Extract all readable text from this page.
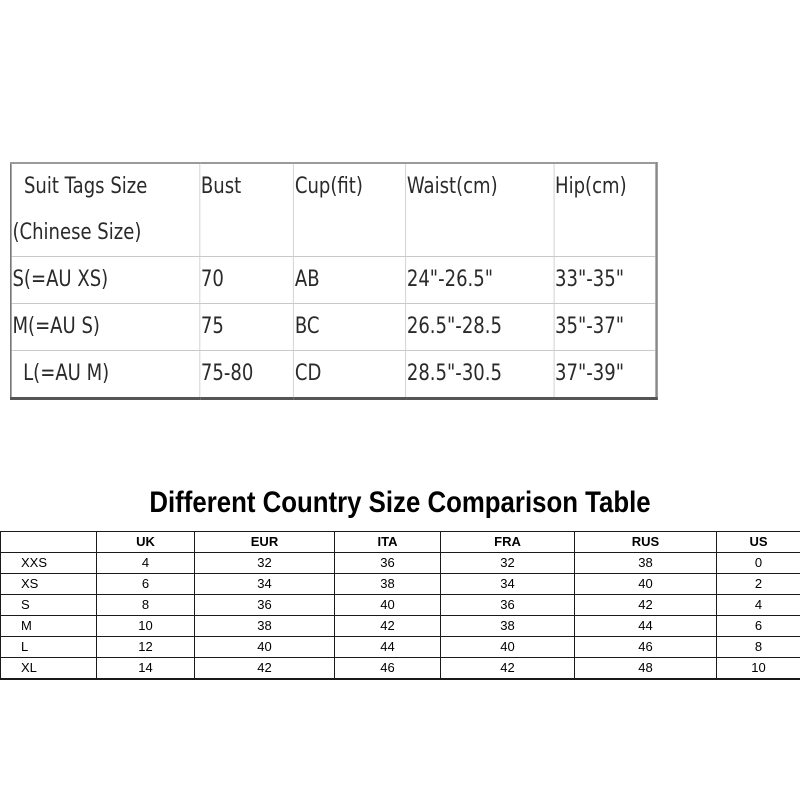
Suit Tags Size
(Chinese Size)	Bust	Cup(fit)	Waist(cm)	Hip(cm)
S(=AU XS)	70	AB	24"-26.5"	33"-35"
M(=AU S)	75	BC	26.5"-28.5	35"-37"
L(=AU M)	75-80	CD	28.5"-30.5	37"-39"
Different Country Size Comparison Table
	UK	EUR	ITA	FRA	RUS	US
XXS	4	32	36	32	38	0
XS	6	34	38	34	40	2
S	8	36	40	36	42	4
M	10	38	42	38	44	6
L	12	40	44	40	46	8
XL	14	42	46	42	48	10
